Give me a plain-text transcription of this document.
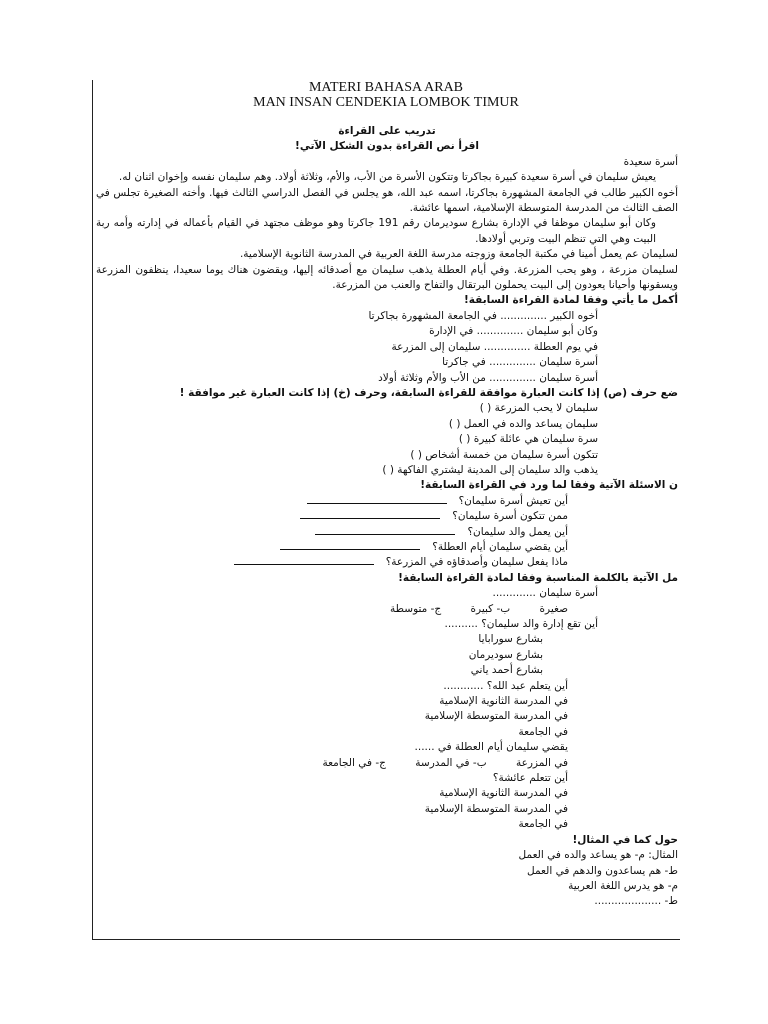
MATERI BAHASA ARAB
MAN INSAN CENDEKIA LOMBOK TIMUR

تدريب على القراءة

اقرأ نص القراءة بدون الشكل الآتي!

أسرة سعيدة

يعيش سليمان في أسرة سعيدة كبيرة بجاكرتا وتتكون الأسرة من الأب، والأم، وثلاثة أولاد. وهم سليمان نفسه وإخوان اثنان له.

أخوه الكبير طالب في الجامعة المشهورة بجاكرتا، اسمه عبد الله، هو يجلس في الفصل الدراسي الثالث فيها. وأخته الصغيرة تجلس في الصف الثالث من المدرسة المتوسطة الإسلامية، اسمها عائشة.

وكان أبو سليمان موظفا في الإدارة بشارع سوديرمان رقم 191 جاكرتا وهو موظف مجتهد في القيام بأعماله في إدارته وأمه ربة البيت وهي التي تنظم البيت وتربي أولادها.

لسليمان عم يعمل أمينا في مكتبة الجامعة وزوجته مدرسة اللغة العربية في المدرسة الثانوية الإسلامية.

لسليمان مزرعة ، وهو يحب المزرعة. وفي أيام العطلة يذهب سليمان مع أصدقائه إليها، ويقضون هناك يوما سعيدا، ينظفون المزرعة ويسقونها وأحيانا يعودون إلى البيت يحملون البرتقال والتفاح والعنب من المزرعة.

أكمل ما يأتي وفقا لمادة القراءة السابقة!

أخوه الكبير .............. في الجامعة المشهورة بجاكرتا

وكان أبو سليمان .............. في الإدارة

في يوم العطلة .............. سليمان إلى المزرعة

أسرة سليمان .............. في جاكرتا

أسرة سليمان .............. من الأب والأم وثلاثة أولاد

ضع حرف (ص) إذا كانت العبارة موافقة للقراءة السابقة، وحرف (خ) إذا كانت العبارة غير موافقة !

سليمان لا يحب المزرعة ( )

سليمان يساعد والده في العمل ( )

سرة سليمان هي عائلة كبيرة ( )

تتكون أسرة سليمان من خمسة أشخاص ( )

يذهب والد سليمان إلى المدينة ليشتري الفاكهة ( )

ن الاسئلة الآتية وفقا لما ورد في القراءة السابقة!

أين تعيش أسرة سليمان؟

ممن تتكون أسرة سليمان؟

أين يعمل والد سليمان؟

أين يقضي سليمان أيام العطلة؟

ماذا يفعل سليمان وأصدقاؤه في المزرعة؟

مل الآتية بالكلمة المناسبة وفقا لمادة القراءة السابقة!

أسرة سليمان .............

صغيرة ب- كبيرة ج- متوسطة

أين تقع إدارة والد سليمان؟ ..........

بشارع سورابايا

بشارع سوديرمان

بشارع أحمد ياني

أين يتعلم عبد الله؟ ............

في المدرسة الثانوية الإسلامية

في المدرسة المتوسطة الإسلامية

في الجامعة

يقضي سليمان أيام العطلة في ......

في المزرعة ب- في المدرسة ج- في الجامعة

أين تتعلم عائشة؟

في المدرسة الثانوية الإسلامية

في المدرسة المتوسطة الإسلامية

في الجامعة

حول كما في المثال!

المثال: م- هو يساعد والده في العمل

ط- هم يساعدون والدهم في العمل

م- هو يدرس اللغة العربية

ط- ....................
